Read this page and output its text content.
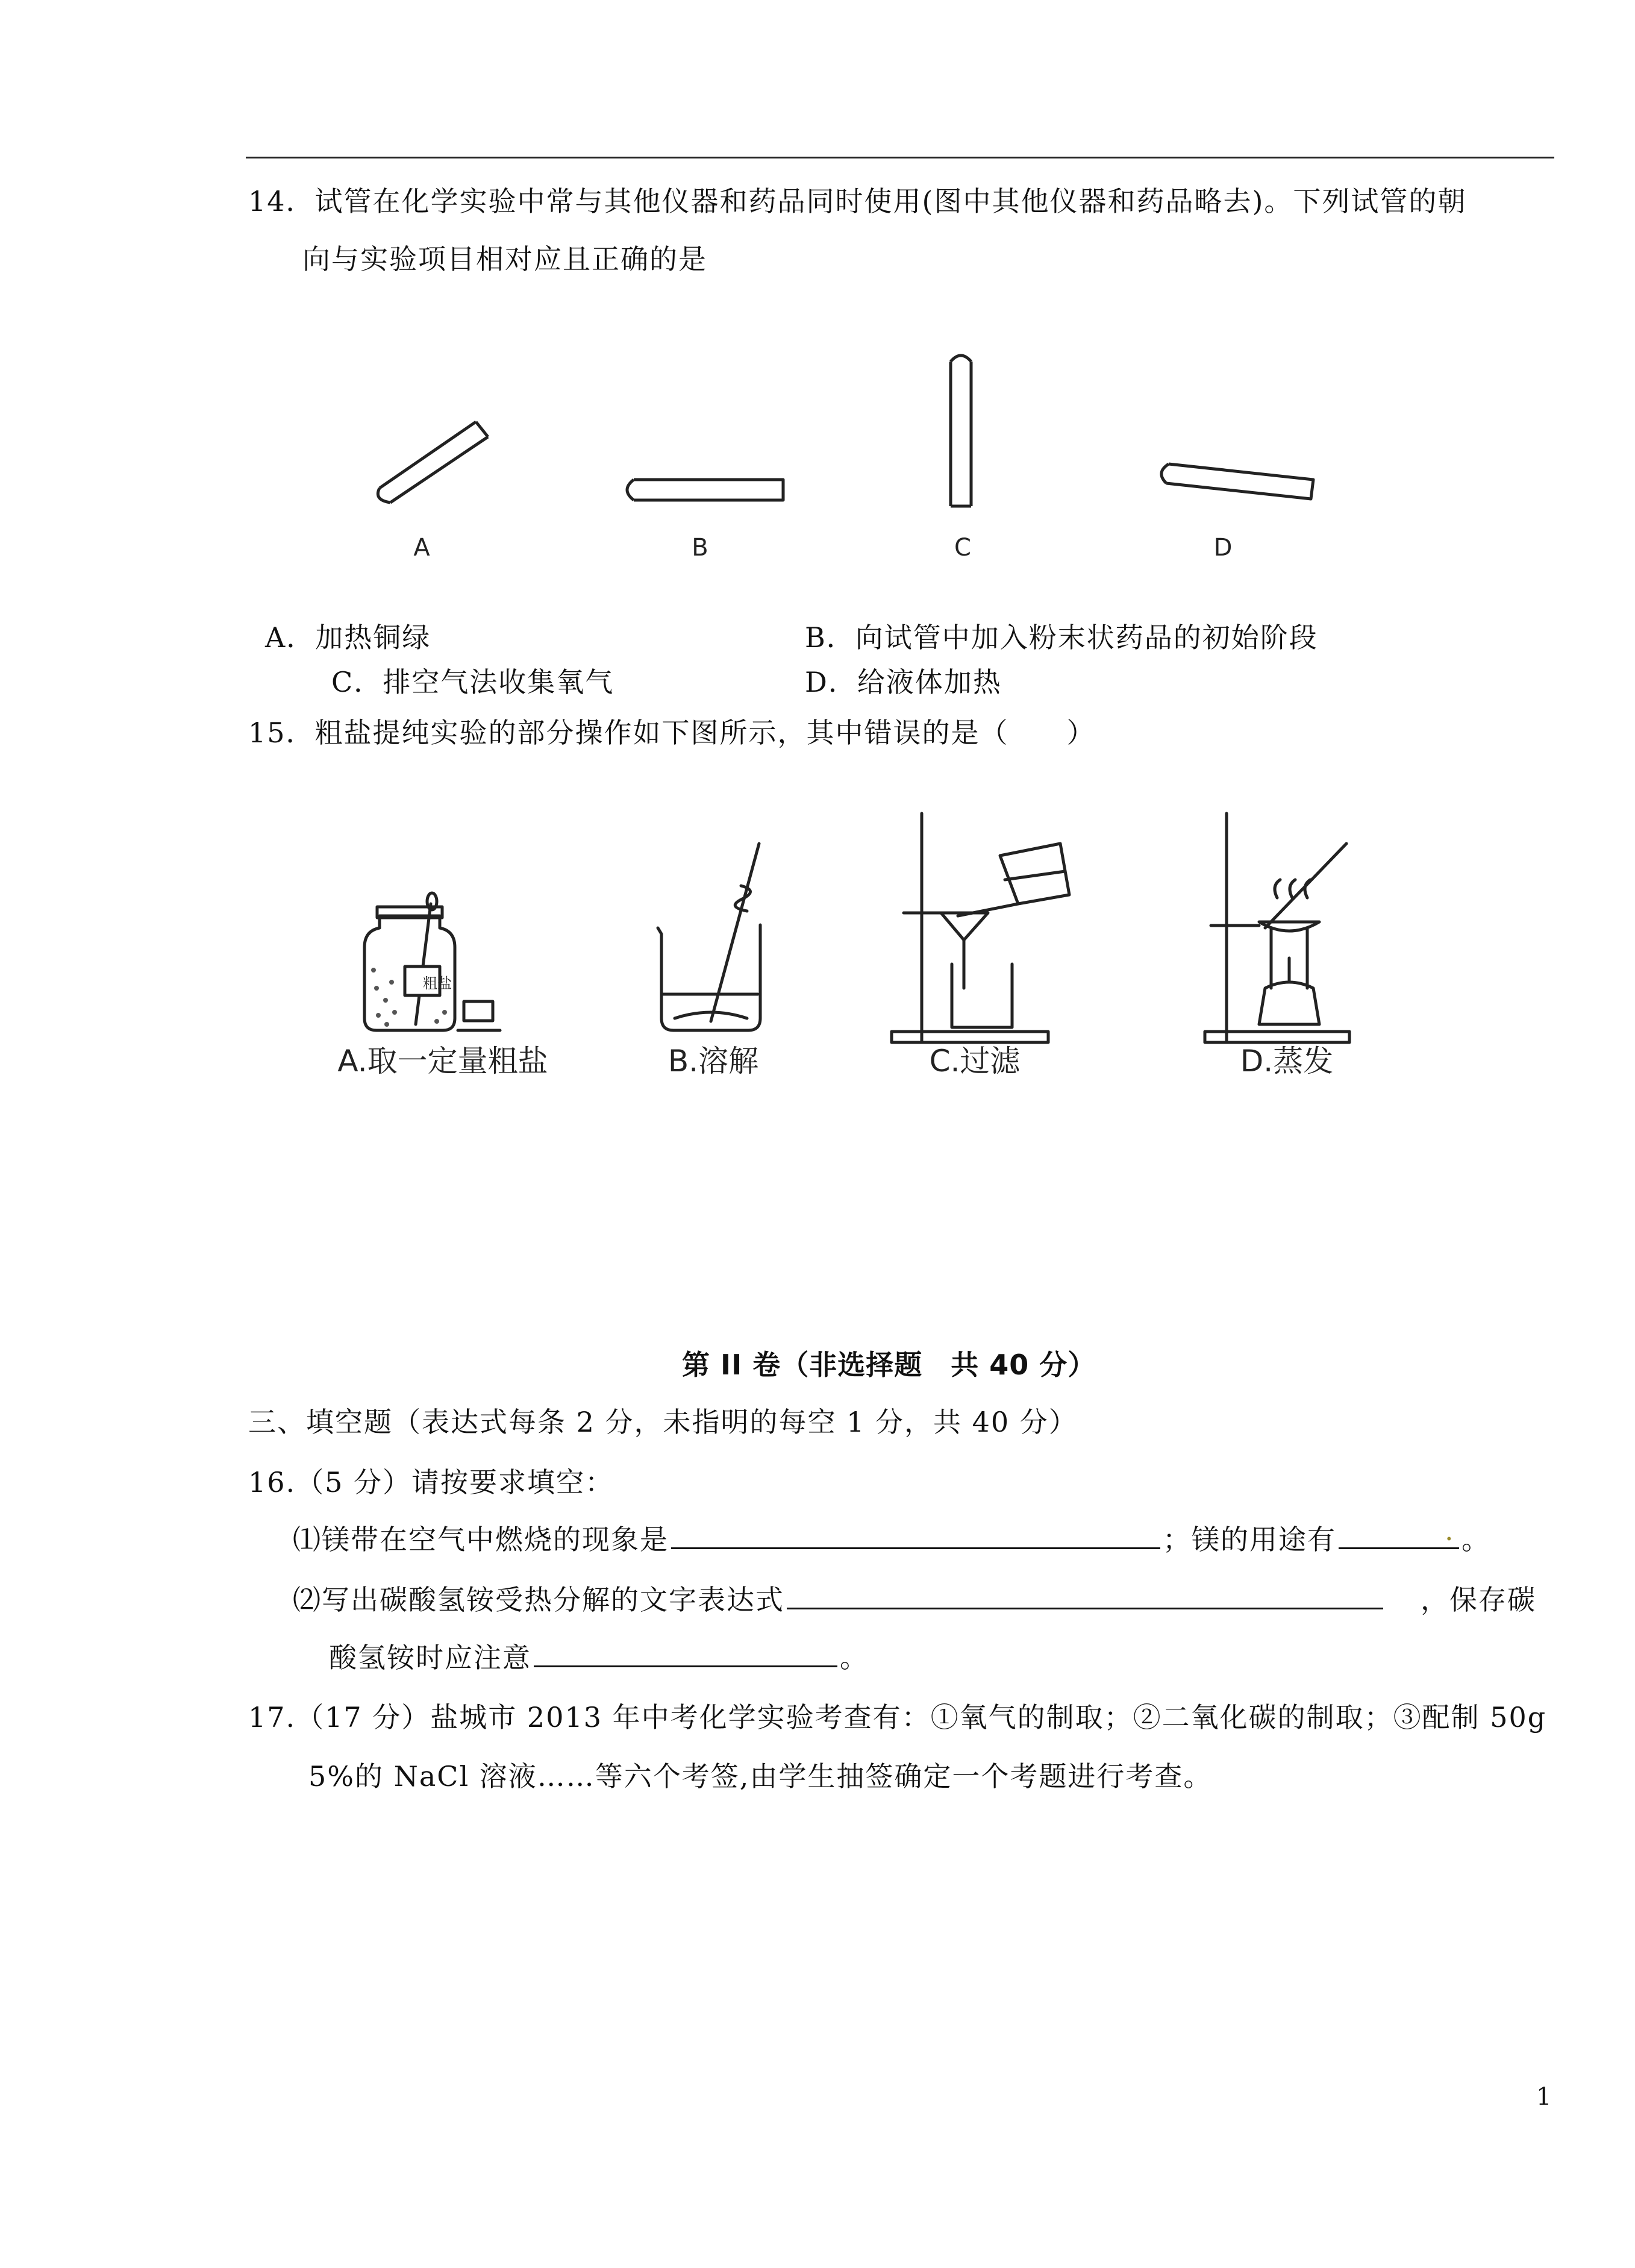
14．试管在化学实验中常与其他仪器和药品同时使用(图中其他仪器和药品略去)。下列试管的朝
向与实验项目相对应且正确的是
A	B	C	D
A．加热铜绿	B．向试管中加入粉末状药品的初始阶段
C．排空气法收集氧气	D．给液体加热
15．粗盐提纯实验的部分操作如下图所示，其中错误的是（　　）
粗盐
A.取一定量粗盐	B.溶解	C.过滤	D.蒸发
第 II 卷（非选择题　共 40 分）
三、填空题（表达式每条 2 分，未指明的每空 1 分，共 40 分）
16.（5 分）请按要求填空：
⑴镁带在空气中燃烧的现象是	；镁的用途有	. 。
⑵写出碳酸氢铵受热分解的文字表达式	，保存碳
酸氢铵时应注意	。
17.（17 分）盐城市 2013 年中考化学实验考查有：①氧气的制取；②二氧化碳的制取；③配制 50g
5%的 NaCl 溶液……等六个考签,由学生抽签确定一个考题进行考查。
1
